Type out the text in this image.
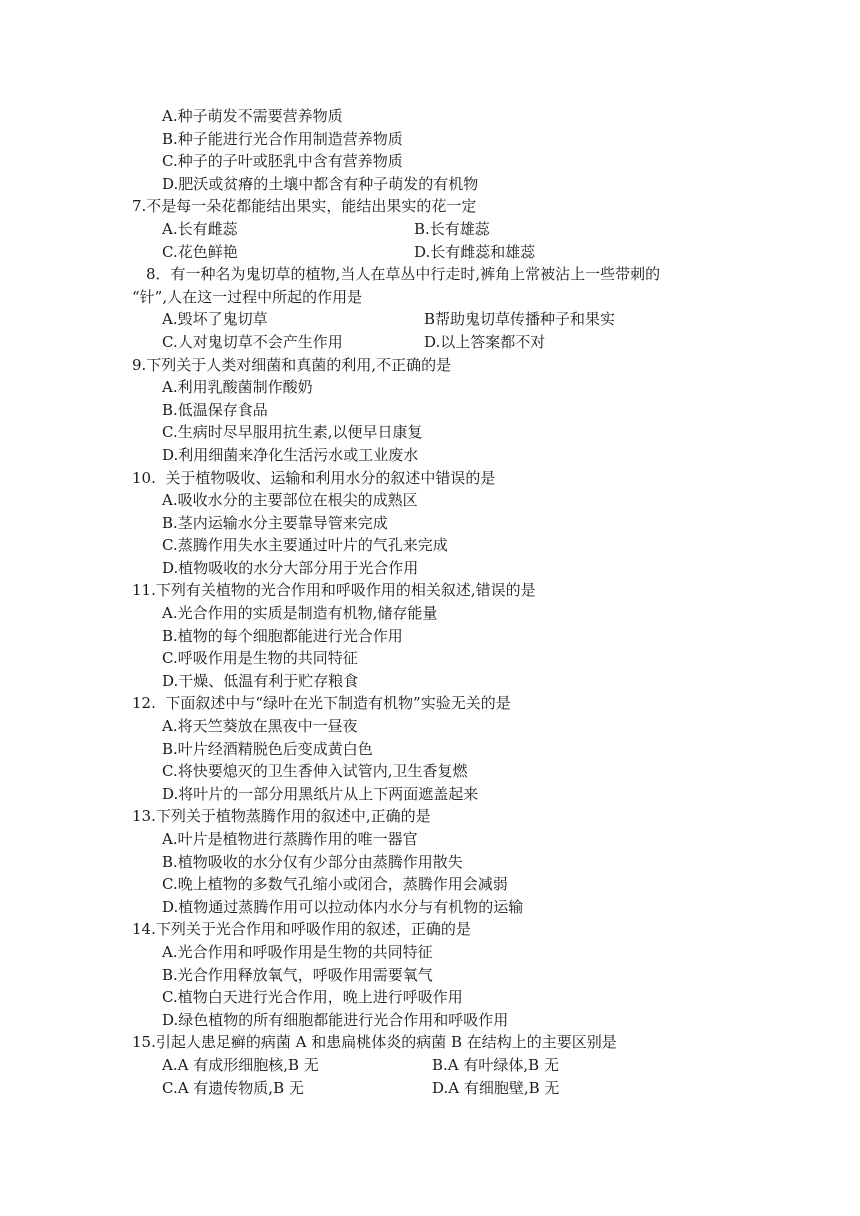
A.种子萌发不需要营养物质
B.种子能进行光合作用制造营养物质
C.种子的子叶或胚乳中含有营养物质
D.肥沃或贫瘠的土壤中都含有种子萌发的有机物
7.不是每一朵花都能结出果实，能结出果实的花一定
A.长有雌蕊	B.长有雄蕊
C.花色鲜艳	D.长有雌蕊和雄蕊
8．有一种名为鬼切草的植物,当人在草丛中行走时,裤角上常被沾上一些带刺的
“针”,人在这一过程中所起的作用是
A.毁坏了鬼切草	B帮助鬼切草传播种子和果实
C.人对鬼切草不会产生作用	D.以上答案都不对
9.下列关于人类对细菌和真菌的利用,不正确的是
A.利用乳酸菌制作酸奶
B.低温保存食品
C.生病时尽早服用抗生素,以便早日康复
D.利用细菌来净化生活污水或工业废水
10.  关于植物吸收、运输和利用水分的叙述中错误的是
A.吸收水分的主要部位在根尖的成熟区
B.茎内运输水分主要靠导管来完成
C.蒸腾作用失水主要通过叶片的气孔来完成
D.植物吸收的水分大部分用于光合作用
11.下列有关植物的光合作用和呼吸作用的相关叙述,错误的是
A.光合作用的实质是制造有机物,储存能量
B.植物的每个细胞都能进行光合作用
C.呼吸作用是生物的共同特征
D.干燥、低温有利于贮存粮食
12.  下面叙述中与“绿叶在光下制造有机物”实验无关的是
A.将天竺葵放在黑夜中一昼夜
B.叶片经酒精脱色后变成黄白色
C.将快要熄灭的卫生香伸入试管内,卫生香复燃
D.将叶片的一部分用黑纸片从上下两面遮盖起来
13.下列关于植物蒸腾作用的叙述中,正确的是
A.叶片是植物进行蒸腾作用的唯一器官
B.植物吸收的水分仅有少部分由蒸腾作用散失
C.晚上植物的多数气孔缩小或闭合，蒸腾作用会减弱
D.植物通过蒸腾作用可以拉动体内水分与有机物的运输
14.下列关于光合作用和呼吸作用的叙述，正确的是
A.光合作用和呼吸作用是生物的共同特征
B.光合作用释放氧气，呼吸作用需要氧气
C.植物白天进行光合作用，晚上进行呼吸作用
D.绿色植物的所有细胞都能进行光合作用和呼吸作用
15.引起人患足癣的病菌 A 和患扁桃体炎的病菌 B 在结构上的主要区别是
A.A 有成形细胞核,B 无	B.A 有叶绿体,B 无
C.A 有遗传物质,B 无	D.A 有细胞壁,B 无
